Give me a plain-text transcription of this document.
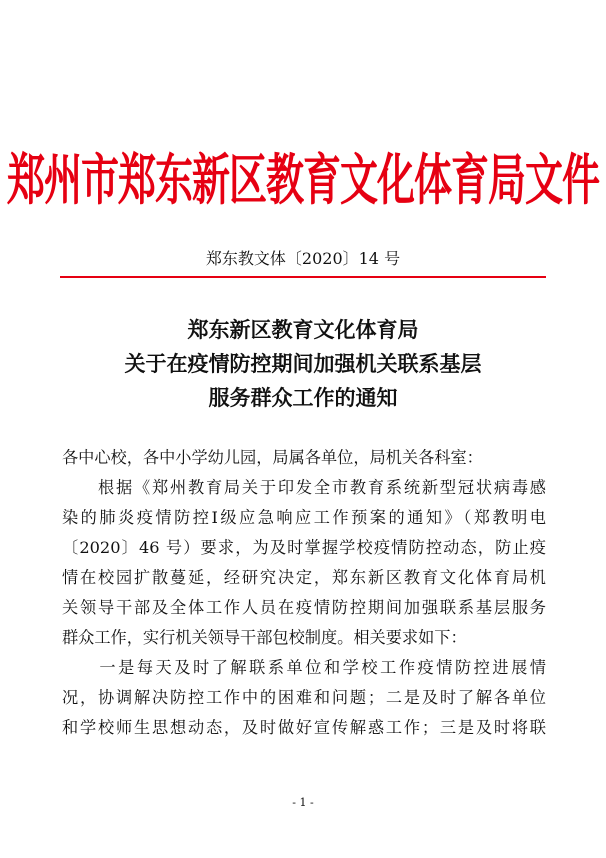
郑州市郑东新区教育文化体育局文件
郑东教文体〔2020〕14 号
郑东新区教育文化体育局
关于在疫情防控期间加强机关联系基层
服务群众工作的通知
各中心校，各中小学幼儿园，局属各单位，局机关各科室：
　　根据《郑州教育局关于印发全市教育系统新型冠状病毒感
染的肺炎疫情防控Ⅰ级应急响应工作预案的通知》（郑教明电
〔2020〕46 号）要求，为及时掌握学校疫情防控动态，防止疫
情在校园扩散蔓延，经研究决定，郑东新区教育文化体育局机
关领导干部及全体工作人员在疫情防控期间加强联系基层服务
群众工作，实行机关领导干部包校制度。相关要求如下：
　　一是每天及时了解联系单位和学校工作疫情防控进展情
况，协调解决防控工作中的困难和问题；二是及时了解各单位
和学校师生思想动态，及时做好宣传解惑工作；三是及时将联
- 1 -
